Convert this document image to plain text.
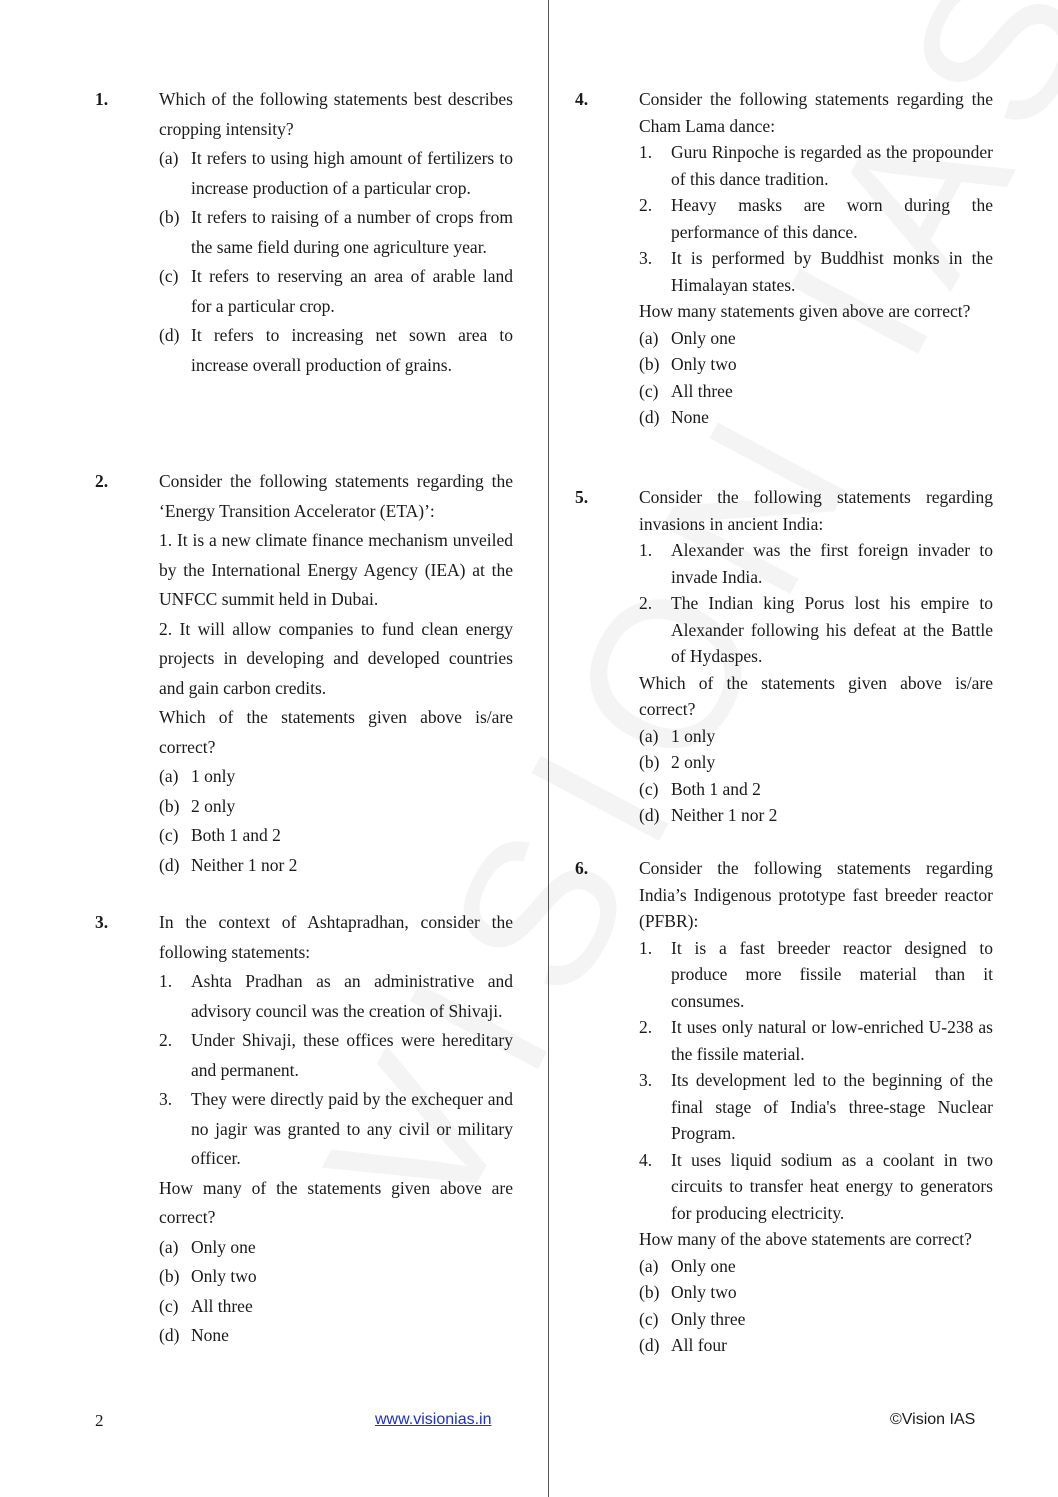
1.	Which of the following statements best describes cropping intensity?

(a) It refers to using high amount of fertilizers to increase production of a particular crop.
(b) It refers to raising of a number of crops from the same field during one agriculture year.
(c) It refers to reserving an area of arable land for a particular crop.
(d) It refers to increasing net sown area to increase overall production of grains.
2.	Consider the following statements regarding the ‘Energy Transition Accelerator (ETA)’:

1. It is a new climate finance mechanism unveiled by the International Energy Agency (IEA) at the UNFCC summit held in Dubai.

2. It will allow companies to fund clean energy projects in developing and developed countries and gain carbon credits.

Which of the statements given above is/are correct?

(a) 1 only
(b) 2 only
(c) Both 1 and 2
(d) Neither 1 nor 2
3.	In the context of Ashtapradhan, consider the following statements:

1. Ashta Pradhan as an administrative and advisory council was the creation of Shivaji.
2. Under Shivaji, these offices were hereditary and permanent.
3. They were directly paid by the exchequer and no jagir was granted to any civil or military officer.

How many of the statements given above are correct?

(a) Only one
(b) Only two
(c) All three
(d) None
4.	Consider the following statements regarding the Cham Lama dance:

1. Guru Rinpoche is regarded as the propounder of this dance tradition.
2. Heavy masks are worn during the performance of this dance.
3. It is performed by Buddhist monks in the Himalayan states.

How many statements given above are correct?

(a) Only one
(b) Only two
(c) All three
(d) None
5.	Consider the following statements regarding invasions in ancient India:

1. Alexander was the first foreign invader to invade India.
2. The Indian king Porus lost his empire to Alexander following his defeat at the Battle of Hydaspes.

Which of the statements given above is/are correct?

(a) 1 only
(b) 2 only
(c) Both 1 and 2
(d) Neither 1 nor 2
6.	Consider the following statements regarding India’s Indigenous prototype fast breeder reactor (PFBR):

1. It is a fast breeder reactor designed to produce more fissile material than it consumes.
2. It uses only natural or low-enriched U-238 as the fissile material.
3. Its development led to the beginning of the final stage of India's three-stage Nuclear Program.
4. It uses liquid sodium as a coolant in two circuits to transfer heat energy to generators for producing electricity.

How many of the above statements are correct?

(a) Only one
(b) Only two
(c) Only three
(d) All four
2	www.visionias.in	©Vision IAS
